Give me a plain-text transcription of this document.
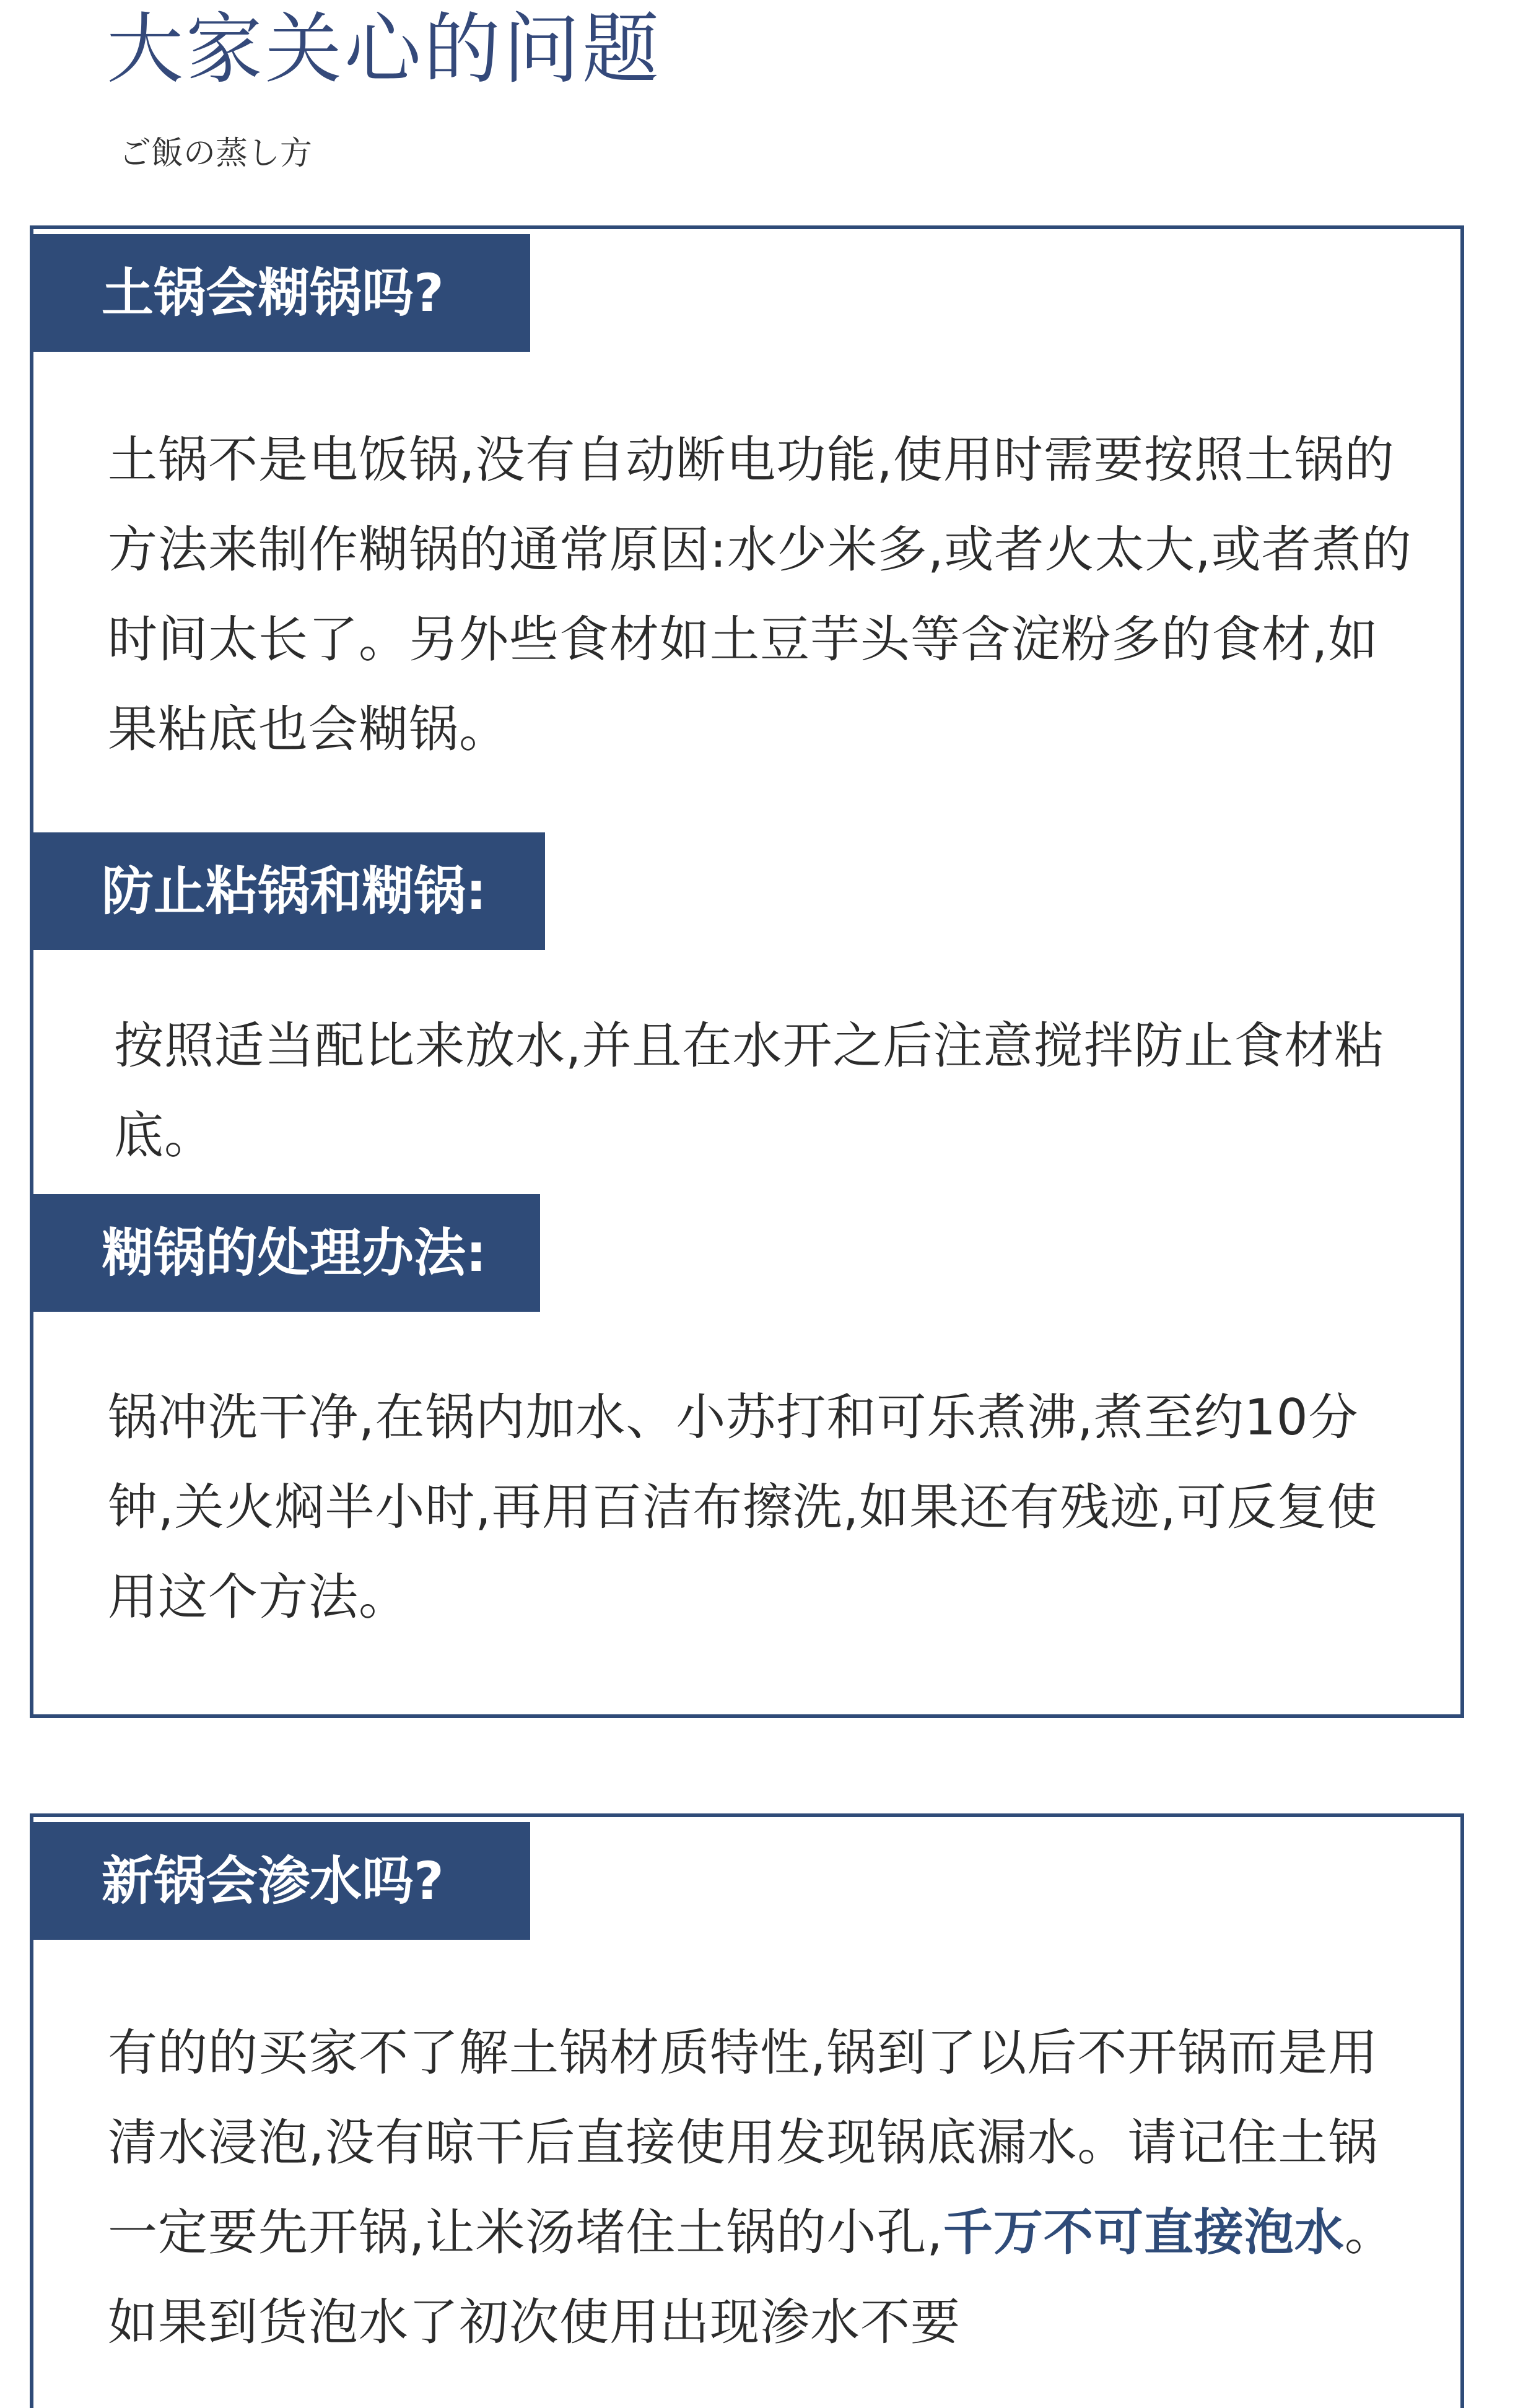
大家关心的问题
ご飯の蒸し方
土锅会糊锅吗?
土锅不是电饭锅,没有自动断电功能,使用时需要按照土锅的方法来制作糊锅的通常原因:水少米多,或者火太大,或者煮的时间太长了。另外些食材如土豆芋头等含淀粉多的食材,如果粘底也会糊锅。
防止粘锅和糊锅:
按照适当配比来放水,并且在水开之后注意搅拌防止食材粘底。
糊锅的处理办法:
锅冲洗干净,在锅内加水、小苏打和可乐煮沸,煮至约10分钟,关火焖半小时,再用百洁布擦洗,如果还有残迹,可反复使用这个方法。
新锅会渗水吗?
有的的买家不了解土锅材质特性,锅到了以后不开锅而是用清水浸泡,没有晾干后直接使用发现锅底漏水。请记住土锅一定要先开锅,让米汤堵住土锅的小孔,千万不可直接泡水。如果到货泡水了初次使用出现渗水不要
